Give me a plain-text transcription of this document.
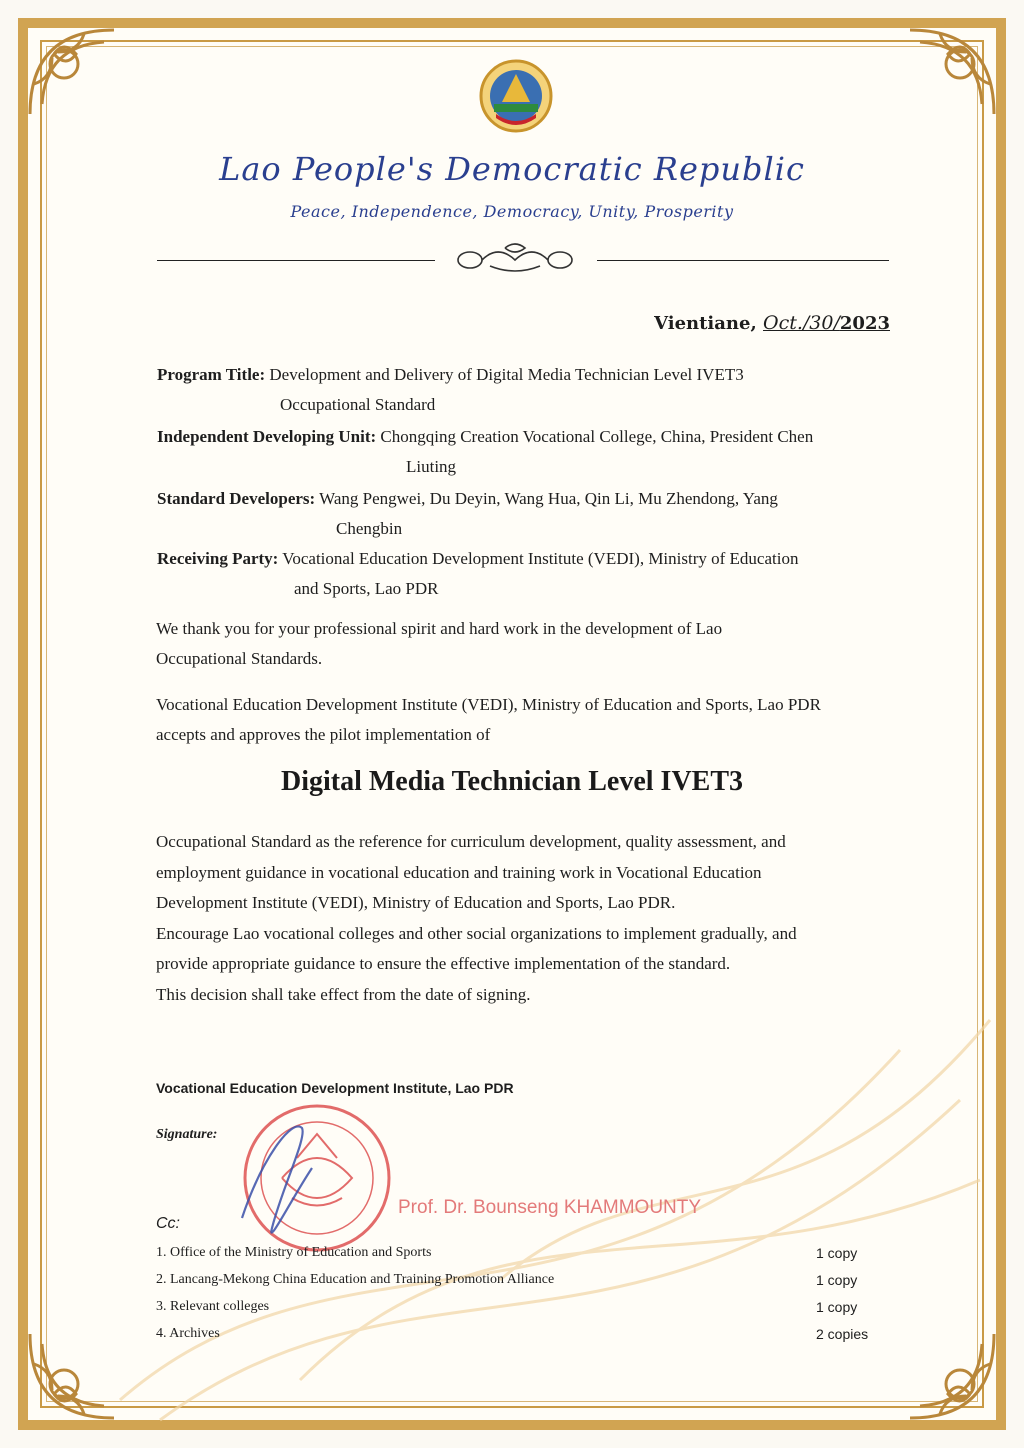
Lao People's Democratic Republic
Peace, Independence, Democracy, Unity, Prosperity
Vientiane, Oct./30/2023
Program Title: Development and Delivery of Digital Media Technician Level IVET3
Occupational Standard
Independent Developing Unit: Chongqing Creation Vocational College, China, President Chen
Liuting
Standard Developers: Wang Pengwei, Du Deyin, Wang Hua, Qin Li, Mu Zhendong, Yang
Chengbin
Receiving Party: Vocational Education Development Institute (VEDI), Ministry of Education
and Sports, Lao PDR
We thank you for your professional spirit and hard work in the development of Lao
Occupational Standards.
Vocational Education Development Institute (VEDI), Ministry of Education and Sports, Lao PDR
accepts and approves the pilot implementation of
Digital Media Technician Level IVET3
Occupational Standard as the reference for curriculum development, quality assessment, and
employment guidance in vocational education and training work in Vocational Education
Development Institute (VEDI), Ministry of Education and Sports, Lao PDR.
Encourage Lao vocational colleges and other social organizations to implement gradually, and
provide appropriate guidance to ensure the effective implementation of the standard.
This decision shall take effect from the date of signing.
Vocational Education Development Institute, Lao PDR
Signature:
Prof. Dr. Bounseng KHAMMOUNTY
Cc:
1. Office of the Ministry of Education and Sports	1 copy
2. Lancang-Mekong China Education and Training Promotion Alliance	1 copy
3. Relevant colleges	1 copy
4. Archives	2 copies
